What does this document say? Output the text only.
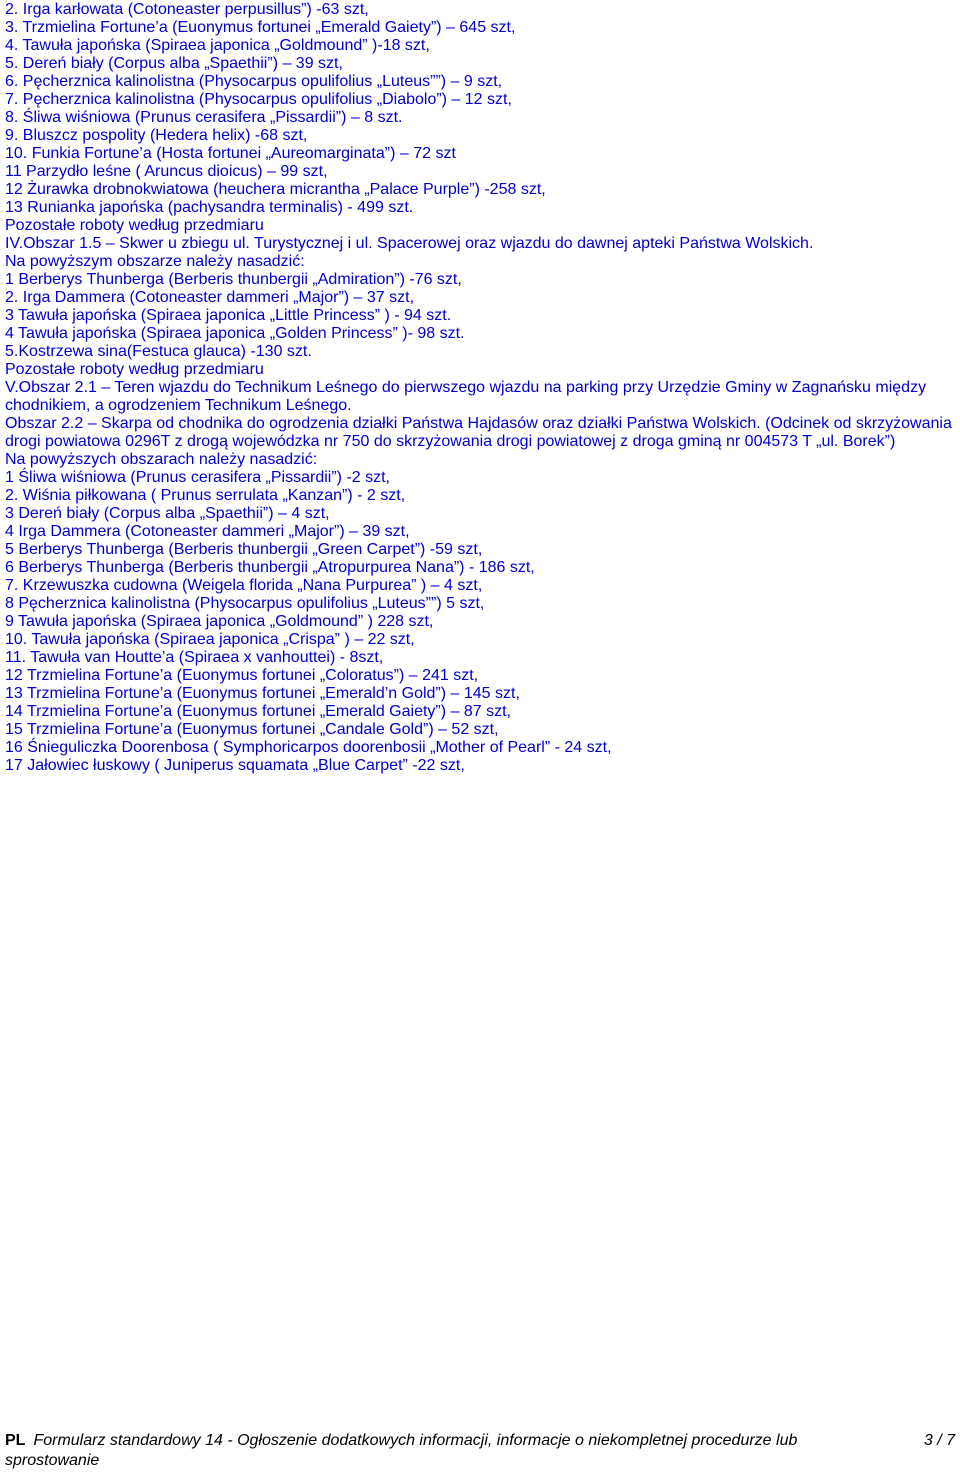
2. Irga karłowata (Cotoneaster perpusillus”) -63 szt,
3. Trzmielina Fortune’a (Euonymus fortunei „Emerald Gaiety”) – 645 szt,
4. Tawuła japońska (Spiraea japonica „Goldmound” )-18 szt,
5. Dereń biały (Corpus alba „Spaethii”) – 39 szt,
6. Pęcherznica kalinolistna (Physocarpus opulifolius „Luteus””) – 9 szt,
7. Pęcherznica kalinolistna (Physocarpus opulifolius „Diabolo”) – 12 szt,
8. Śliwa wiśniowa (Prunus cerasifera „Pissardii”) – 8 szt.
9. Bluszcz pospolity (Hedera helix) -68 szt,
10. Funkia Fortune’a (Hosta fortunei „Aureomarginata”) – 72 szt
11 Parzydło leśne ( Aruncus dioicus) – 99 szt,
12 Żurawka drobnokwiatowa (heuchera micrantha „Palace Purple”) -258 szt,
13 Runianka japońska (pachysandra terminalis) - 499 szt.
Pozostałe roboty według przedmiaru
IV.Obszar 1.5 – Skwer u zbiegu ul. Turystycznej i ul. Spacerowej oraz wjazdu do dawnej apteki Państwa Wolskich.
Na powyższym obszarze należy nasadzić:
1 Berberys Thunberga (Berberis thunbergii „Admiration”) -76 szt,
2. Irga Dammera (Cotoneaster dammeri „Major”) – 37 szt,
3 Tawuła japońska (Spiraea japonica „Little Princess” ) - 94 szt.
4 Tawuła japońska (Spiraea japonica „Golden Princess” )- 98 szt.
5.Kostrzewa sina(Festuca glauca) -130 szt.
Pozostałe roboty według przedmiaru
V.Obszar 2.1 – Teren wjazdu do Technikum Leśnego do pierwszego wjazdu na parking przy Urzędzie Gminy w Zagnańsku między chodnikiem, a ogrodzeniem Technikum Leśnego.
Obszar 2.2 – Skarpa od chodnika do ogrodzenia działki Państwa Hajdasów oraz działki Państwa Wolskich. (Odcinek od skrzyżowania drogi powiatowa 0296T z drogą wojewódzka nr 750 do skrzyżowania drogi powiatowej z droga gminą nr 004573 T „ul. Borek”)
Na powyższych obszarach należy nasadzić:
1 Śliwa wiśniowa (Prunus cerasifera „Pissardii”) -2 szt,
2. Wiśnia piłkowana ( Prunus serrulata „Kanzan”) - 2 szt,
3 Dereń biały (Corpus alba „Spaethii”) – 4 szt,
4 Irga Dammera (Cotoneaster dammeri „Major”) – 39 szt,
5 Berberys Thunberga (Berberis thunbergii „Green Carpet”) -59 szt,
6 Berberys Thunberga (Berberis thunbergii „Atropurpurea Nana”) - 186 szt,
7. Krzewuszka cudowna (Weigela florida „Nana Purpurea” ) – 4 szt,
8 Pęcherznica kalinolistna (Physocarpus opulifolius „Luteus””) 5 szt,
9 Tawuła japońska (Spiraea japonica „Goldmound” ) 228 szt,
10. Tawuła japońska (Spiraea japonica „Crispa” ) – 22 szt,
11. Tawuła van Houtte’a (Spiraea x vanhouttei) - 8szt,
12 Trzmielina Fortune’a (Euonymus fortunei „Coloratus”) – 241 szt,
13 Trzmielina Fortune’a (Euonymus fortunei „Emerald’n Gold”) – 145 szt,
14 Trzmielina Fortune’a (Euonymus fortunei „Emerald Gaiety”) – 87 szt,
15 Trzmielina Fortune’a (Euonymus fortunei „Candale Gold”) – 52 szt,
16 Śnieguliczka Doorenbosa ( Symphoricarpos doorenbosii „Mother of Pearl” - 24 szt,
17 Jałowiec łuskowy ( Juniperus squamata „Blue Carpet” -22 szt,
PL Formularz standardowy 14 - Ogłoszenie dodatkowych informacji, informacje o niekompletnej procedurze lub sprostowanie
3 / 7
